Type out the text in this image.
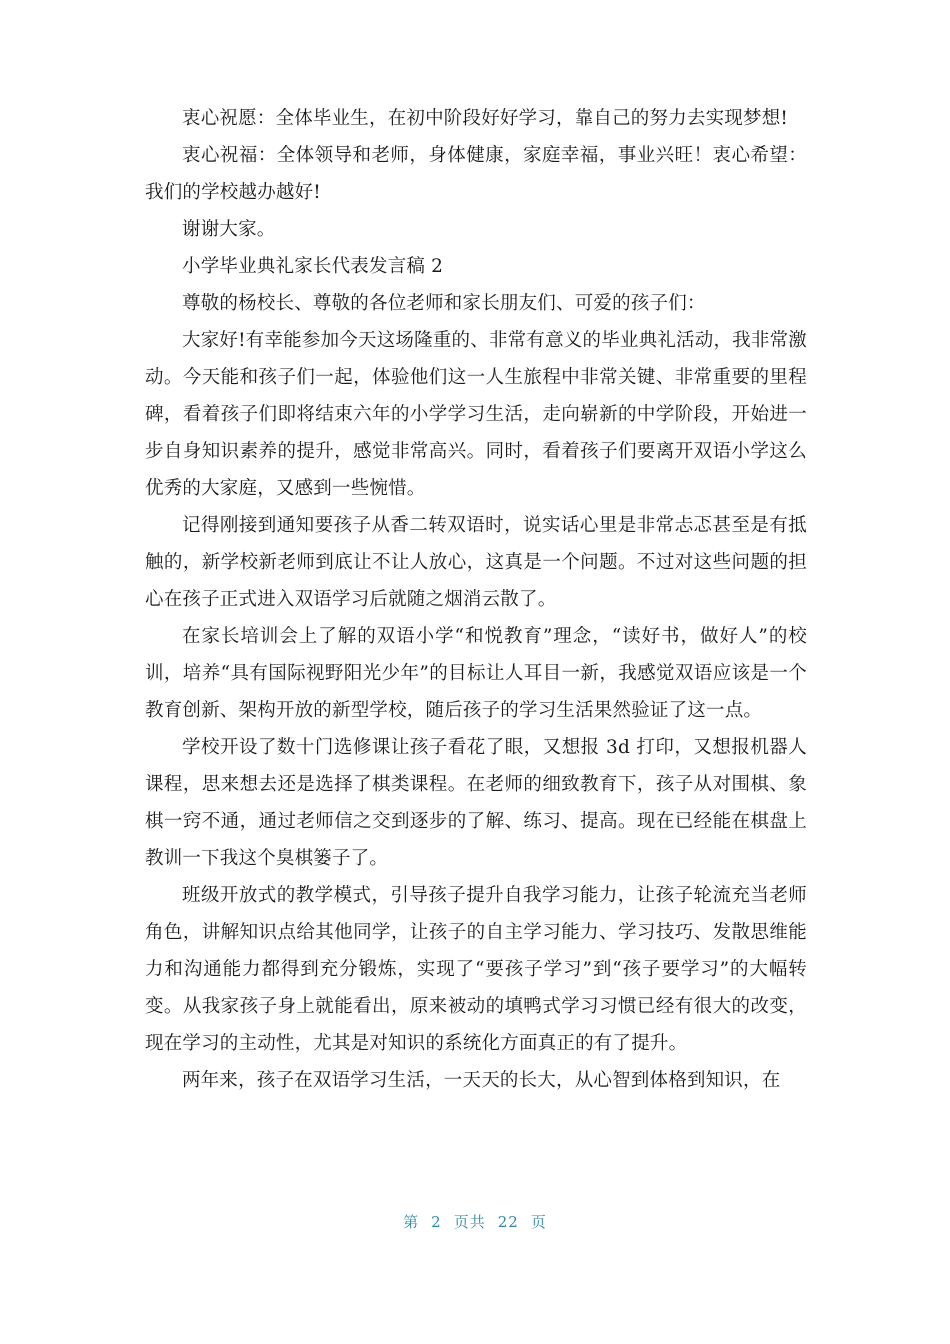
衷心祝愿：全体毕业生，在初中阶段好好学习，靠自己的努力去实现梦想!

衷心祝福：全体领导和老师，身体健康，家庭幸福，事业兴旺！衷心希望：我们的学校越办越好!

谢谢大家。

小学毕业典礼家长代表发言稿 2

尊敬的杨校长、尊敬的各位老师和家长朋友们、可爱的孩子们：

大家好!有幸能参加今天这场隆重的、非常有意义的毕业典礼活动，我非常激动。今天能和孩子们一起，体验他们这一人生旅程中非常关键、非常重要的里程碑，看着孩子们即将结束六年的小学学习生活，走向崭新的中学阶段，开始进一步自身知识素养的提升，感觉非常高兴。同时，看着孩子们要离开双语小学这么优秀的大家庭，又感到一些惋惜。

记得刚接到通知要孩子从香二转双语时，说实话心里是非常忐忑甚至是有抵触的，新学校新老师到底让不让人放心，这真是一个问题。不过对这些问题的担心在孩子正式进入双语学习后就随之烟消云散了。

在家长培训会上了解的双语小学“和悦教育”理念，“读好书，做好人”的校训，培养“具有国际视野阳光少年”的目标让人耳目一新，我感觉双语应该是一个教育创新、架构开放的新型学校，随后孩子的学习生活果然验证了这一点。

学校开设了数十门选修课让孩子看花了眼，又想报 3d 打印，又想报机器人课程，思来想去还是选择了棋类课程。在老师的细致教育下，孩子从对围棋、象棋一窍不通，通过老师信之交到逐步的了解、练习、提高。现在已经能在棋盘上教训一下我这个臭棋篓子了。

班级开放式的教学模式，引导孩子提升自我学习能力，让孩子轮流充当老师角色，讲解知识点给其他同学，让孩子的自主学习能力、学习技巧、发散思维能力和沟通能力都得到充分锻炼，实现了“要孩子学习”到“孩子要学习”的大幅转变。从我家孩子身上就能看出，原来被动的填鸭式学习习惯已经有很大的改变，现在学习的主动性，尤其是对知识的系统化方面真正的有了提升。

两年来，孩子在双语学习生活，一天天的长大，从心智到体格到知识，在

第 2 页共 22 页
